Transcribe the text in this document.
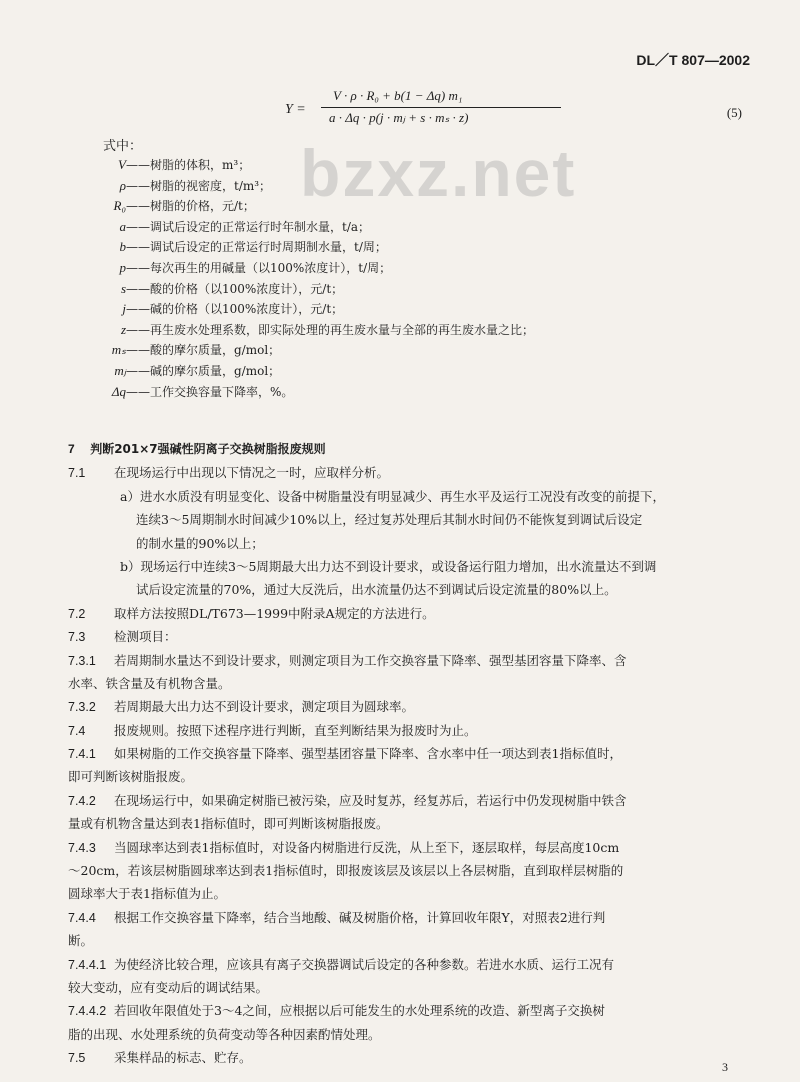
DL／T 807—2002
bzxz.net
Y =
V · ρ · R₀ + b(1 − Δq) m₁
a · Δq · p(j · mⱼ + s · mₛ · z)	(5)
式中：
V——树脂的体积，m³；
ρ——树脂的视密度，t/m³；
R₀——树脂的价格，元/t；
a——调试后设定的正常运行时年制水量，t/a；
b——调试后设定的正常运行时周期制水量，t/周；
p——每次再生的用碱量（以100%浓度计），t/周；
s——酸的价格（以100%浓度计），元/t；
j——碱的价格（以100%浓度计），元/t；
z——再生废水处理系数，即实际处理的再生废水量与全部的再生废水量之比；
mₛ——酸的摩尔质量，g/mol；
mⱼ——碱的摩尔质量，g/mol；
Δq——工作交换容量下降率，%。
7 判断201×7强碱性阴离子交换树脂报废规则
7.1 在现场运行中出现以下情况之一时，应取样分析。
a）进水水质没有明显变化、设备中树脂量没有明显减少、再生水平及运行工况没有改变的前提下，
连续3～5周期制水时间减少10%以上，经过复苏处理后其制水时间仍不能恢复到调试后设定
的制水量的90%以上；
b）现场运行中连续3～5周期最大出力达不到设计要求，或设备运行阻力增加，出水流量达不到调
试后设定流量的70%，通过大反洗后，出水流量仍达不到调试后设定流量的80%以上。
7.2 取样方法按照DL/T673—1999中附录A规定的方法进行。
7.3 检测项目：
7.3.1 若周期制水量达不到设计要求，则测定项目为工作交换容量下降率、强型基团容量下降率、含
水率、铁含量及有机物含量。
7.3.2 若周期最大出力达不到设计要求，测定项目为圆球率。
7.4 报废规则。按照下述程序进行判断，直至判断结果为报废时为止。
7.4.1 如果树脂的工作交换容量下降率、强型基团容量下降率、含水率中任一项达到表1指标值时，
即可判断该树脂报废。
7.4.2 在现场运行中，如果确定树脂已被污染，应及时复苏，经复苏后，若运行中仍发现树脂中铁含
量或有机物含量达到表1指标值时，即可判断该树脂报废。
7.4.3 当圆球率达到表1指标值时，对设备内树脂进行反洗，从上至下，逐层取样，每层高度10cm
～20cm，若该层树脂圆球率达到表1指标值时，即报废该层及该层以上各层树脂，直到取样层树脂的
圆球率大于表1指标值为止。
7.4.4 根据工作交换容量下降率，结合当地酸、碱及树脂价格，计算回收年限Y，对照表2进行判
断。
7.4.4.1 为使经济比较合理，应该具有离子交换器调试后设定的各种参数。若进水水质、运行工况有
较大变动，应有变动后的调试结果。
7.4.4.2 若回收年限值处于3～4之间，应根据以后可能发生的水处理系统的改造、新型离子交换树
脂的出现、水处理系统的负荷变动等各种因素酌情处理。
7.5 采集样品的标志、贮存。
3
